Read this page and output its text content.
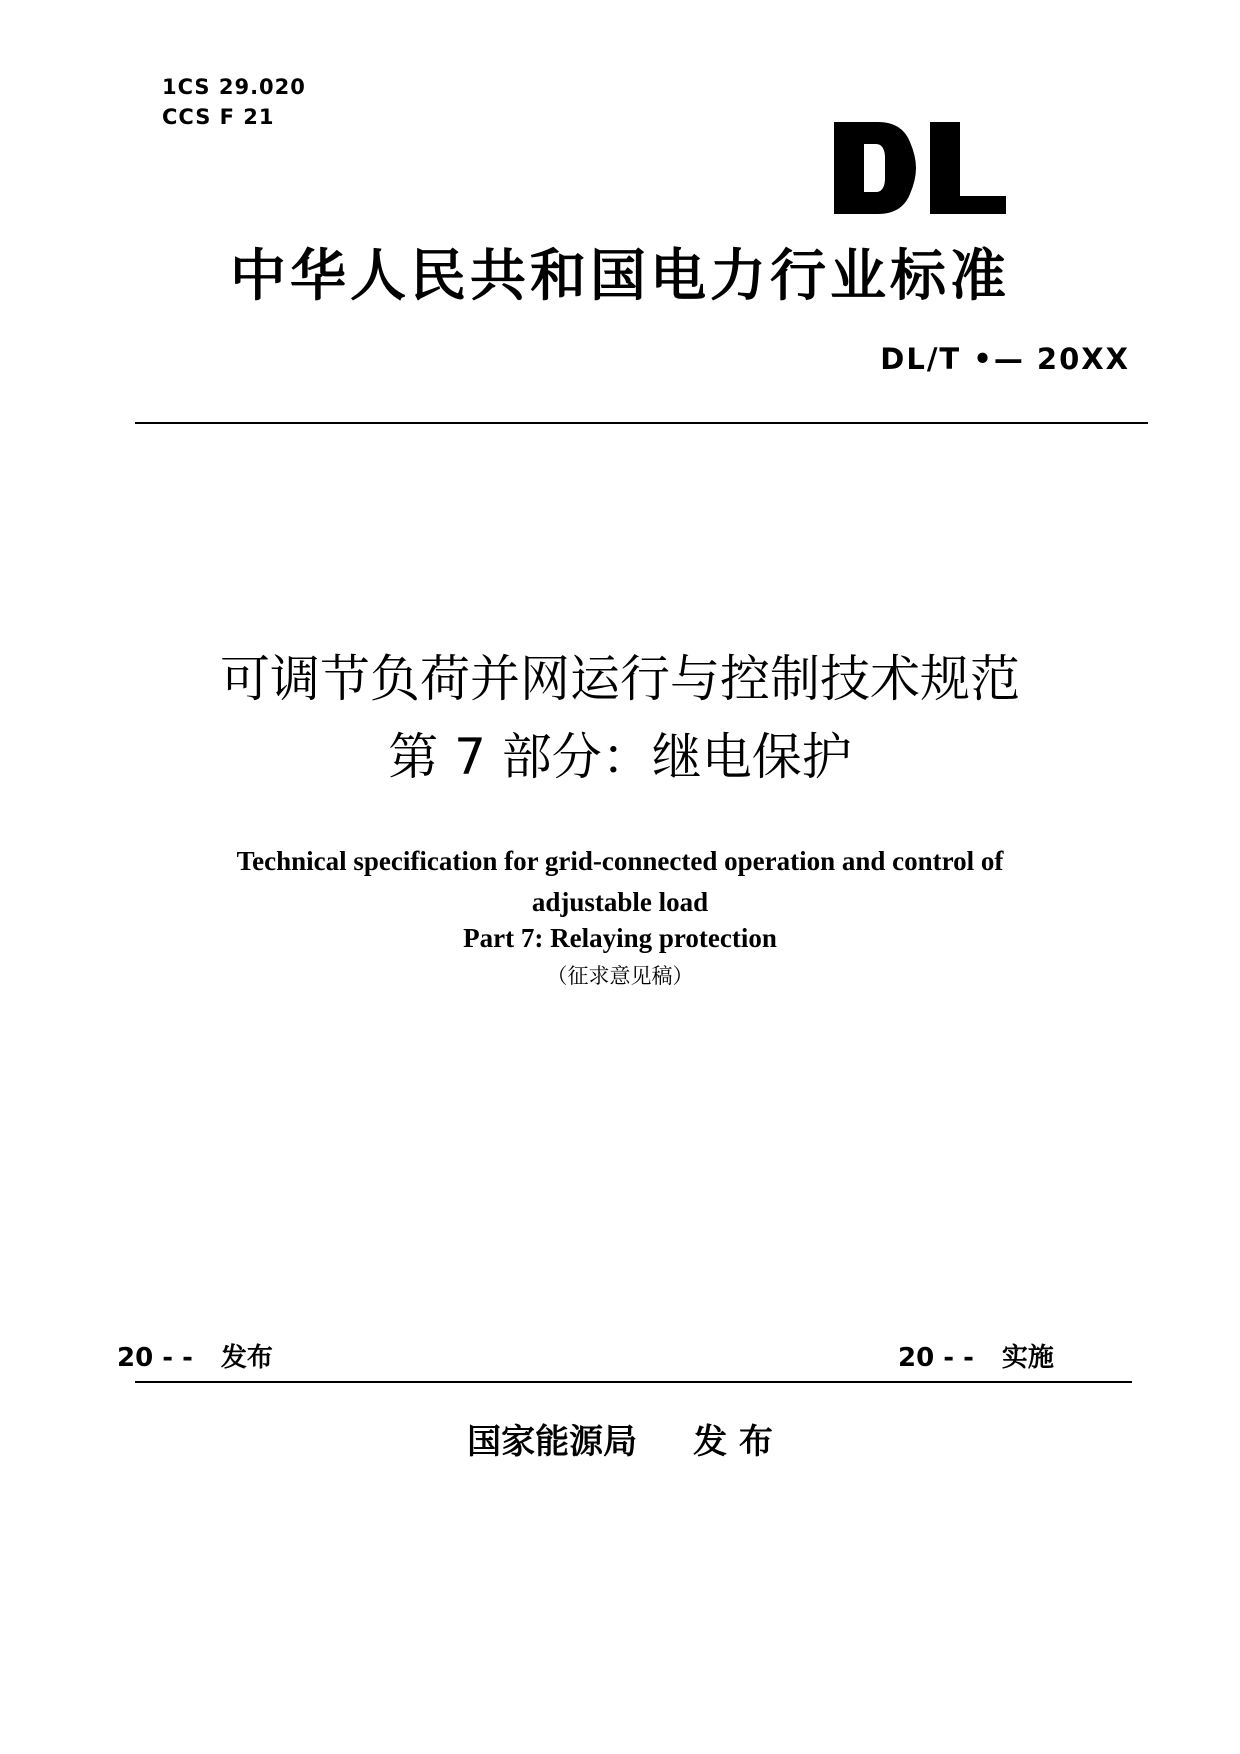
1CS 29.020
CCS F 21
中华人民共和国电力行业标准
DL/T •— 20XX
可调节负荷并网运行与控制技术规范
第 7 部分：继电保护
Technical specification for grid-connected operation and control of
adjustable load
Part 7: Relaying protection
（征求意见稿）
20 - - 发布	20 - - 实施
国家能源局 发 布
